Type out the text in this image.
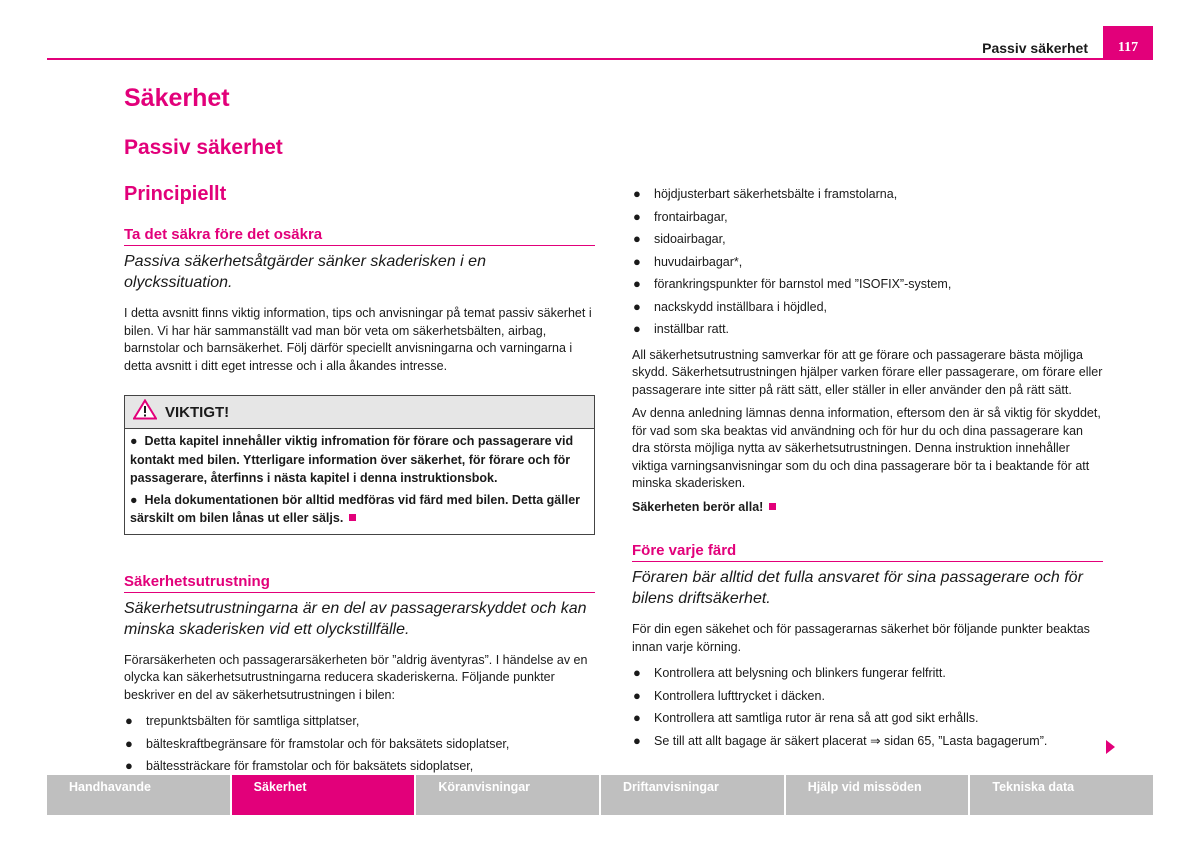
Passiv säkerhet	117
Säkerhet
Passiv säkerhet
Principiellt
Ta det säkra före det osäkra

Passiva säkerhetsåtgärder sänker skaderisken i en olyckssituation.

I detta avsnitt finns viktig information, tips och anvisningar på temat passiv säkerhet i bilen. Vi har här sammanställt vad man bör veta om säkerhetsbälten, airbag, barnstolar och barnsäkerhet. Följ därför speciellt anvisningarna och varningarna i detta avsnitt i ditt eget intresse och i alla åkandes intresse.

VIKTIGT!

● Detta kapitel innehåller viktig infromation för förare och passagerare vid kontakt med bilen. Ytterligare information över säkerhet, för förare och för passagerare, återfinns i nästa kapitel i denna instruktionsbok.

● Hela dokumentationen bör alltid medföras vid färd med bilen. Detta gäller särskilt om bilen lånas ut eller säljs.

Säkerhetsutrustning

Säkerhetsutrustningarna är en del av passagerarskyddet och kan minska skaderisken vid ett olyckstillfälle.

Förarsäkerheten och passagerarsäkerheten bör ”aldrig äventyras”. I händelse av en olycka kan säkerhetsutrustningarna reducera skaderiskerna. Följande punkter beskriver en del av säkerhetsutrustningen i bilen:

● trepunktsbälten för samtliga sittplatser,
● bälteskraftbegränsare för framstolar och för baksätets sidoplatser,
● bältessträckare för framstolar och för baksätets sidoplatser,
● höjdjusterbart säkerhetsbälte i framstolarna,
● frontairbagar,
● sidoairbagar,
● huvudairbagar*,
● förankringspunkter för barnstol med ”ISOFIX”-system,
● nackskydd inställbara i höjdled,
● inställbar ratt.

All säkerhetsutrustning samverkar för att ge förare och passagerare bästa möjliga skydd. Säkerhetsutrustningen hjälper varken förare eller passagerare, om förare eller passagerare inte sitter på rätt sätt, eller ställer in eller använder den på rätt sätt.

Av denna anledning lämnas denna information, eftersom den är så viktig för skyddet, för vad som ska beaktas vid användning och för hur du och dina passagerare kan dra största möjliga nytta av säkerhetsutrustningen. Denna instruktion innehåller viktiga varningsanvisningar som du och dina passagerare bör ta i beaktande för att minska skaderisken.

Säkerheten berör alla!

Före varje färd

Föraren bär alltid det fulla ansvaret för sina passagerare och för bilens driftsäkerhet.

För din egen säkehet och för passagerarnas säkerhet bör följande punkter beaktas innan varje körning.

● Kontrollera att belysning och blinkers fungerar felfritt.
● Kontrollera lufttrycket i däcken.
● Kontrollera att samtliga rutor är rena så att god sikt erhålls.
● Se till att allt bagage är säkert placerat ⇒ sidan 65, ”Lasta bagagerum”.
Handhavande	Säkerhet	Köranvisningar	Driftanvisningar	Hjälp vid missöden	Tekniska data
